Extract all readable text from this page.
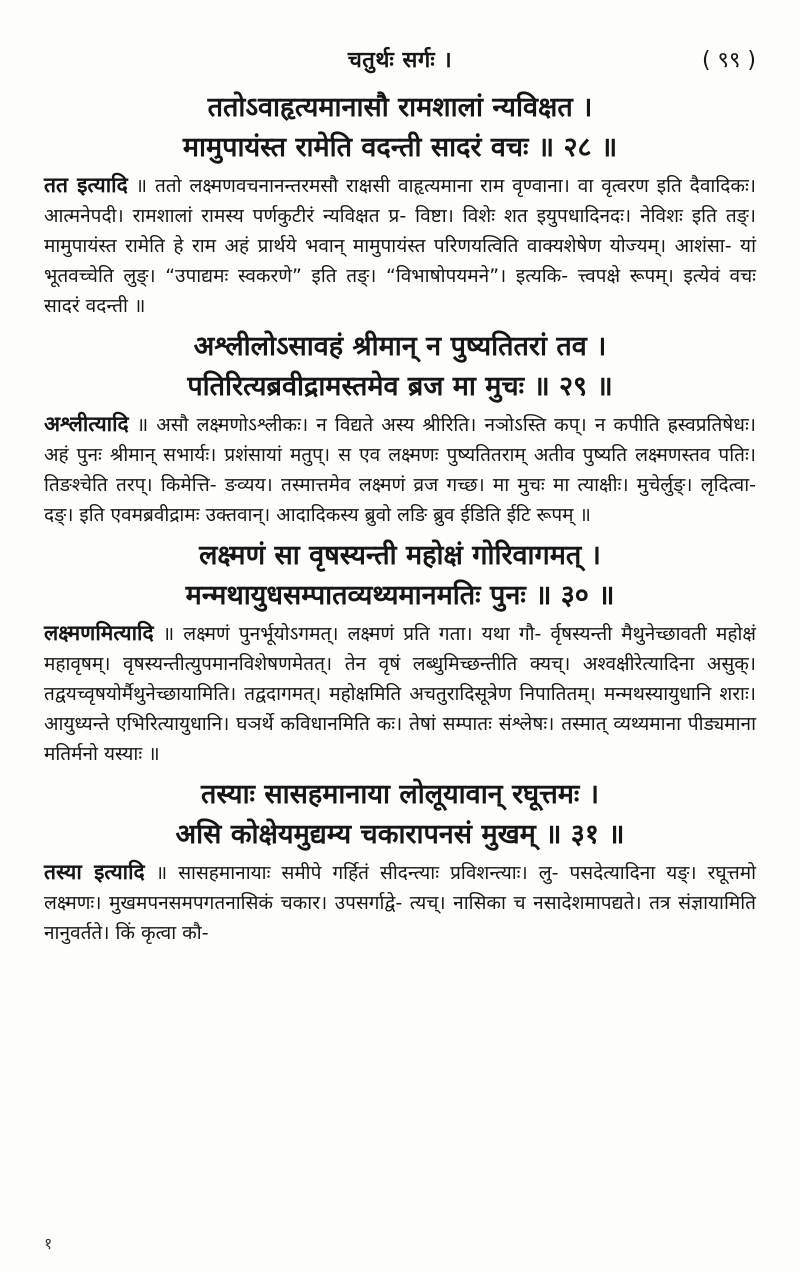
चतुर्थः सर्गः ।	( ९९ )
ततोऽवाहृत्यमानासौ रामशालां न्यविक्षत ।
मामुपायंस्त रामेति वदन्ती सादरं वचः ॥ २८ ॥

तत इत्यादि ॥ ततो लक्ष्मणवचनानन्तरमसौ राक्षसी वाहृत्यमाना राम वृण्वाना। वा वृत्वरण इति दैवादिकः। आत्मनेपदी। रामशालां रामस्य पर्णकुटीरं न्यविक्षत प्र- विष्टा। विशेः शत इयुपधादिनदः। नेविशः इति तङ्। मामुपायंस्त रामेति हे राम अहं प्रार्थये भवान् मामुपायंस्त परिणयत्विति वाक्यशेषेण योज्यम्। आशंसा- यां भूतवच्चेति लुङ्। “उपाद्यमः स्वकरणे” इति तङ्। “विभाषोपयमने”। इत्यकि- त्त्वपक्षे रूपम्। इत्येवं वचः सादरं वदन्ती ॥

अश्लीलोऽसावहं श्रीमान् न पुष्यतितरां तव ।
पतिरित्यब्रवीद्रामस्तमेव ब्रज मा मुचः ॥ २९ ॥

अश्लीत्यादि ॥ असौ लक्ष्मणोऽश्लीकः। न विद्यते अस्य श्रीरिति। नञोऽस्ति कप्। न कपीति ह्रस्वप्रतिषेधः। अहं पुनः श्रीमान् सभार्यः। प्रशंसायां मतुप्। स एव लक्ष्मणः पुष्यतितराम् अतीव पुष्यति लक्ष्मणस्तव पतिः। तिङश्चेति तरप्। किमेत्ति- ङव्यय। तस्मात्तमेव लक्ष्मणं व्रज गच्छ। मा मुचः मा त्याक्षीः। मुचेर्लुङ्। लृदित्वा- दङ्। इति एवमब्रवीद्रामः उक्तवान्। आदादिकस्य ब्रुवो लङि ब्रुव ईडिति ईटि रूपम् ॥

लक्ष्मणं सा वृषस्यन्ती महोक्षं गोरिवागमत् ।
मन्मथायुधसम्पातव्यथ्यमानमतिः पुनः ॥ ३० ॥

लक्ष्मणमित्यादि ॥ लक्ष्मणं पुनर्भूयोऽगमत्। लक्ष्मणं प्रति गता। यथा गौ- र्वृषस्यन्ती मैथुनेच्छावती महोक्षं महावृषम्। वृषस्यन्तीत्युपमानविशेषणमेतत्। तेन वृषं लब्धुमिच्छन्तीति क्यच्। अश्वक्षीरेत्यादिना असुक्। तद्वयच्वृषयोर्मैथुनेच्छायामिति। तद्वदागमत्। महोक्षमिति अचतुरादिसूत्रेण निपातितम्। मन्मथस्यायुधानि शराः। आयुध्यन्ते एभिरित्यायुधानि। घञर्थे कविधानमिति कः। तेषां सम्पातः संश्लेषः। तस्मात् व्यथ्यमाना पीड्यमाना मतिर्मनो यस्याः ॥

तस्याः सासहमानाया लोलूयावान् रघूत्तमः ।
असि कोक्षेयमुद्यम्य चकारापनसं मुखम् ॥ ३१ ॥

तस्या इत्यादि ॥ सासहमानायाः समीपे गर्हितं सीदन्त्याः प्रविशन्त्याः। लु- पसदेत्यादिना यङ्। रघूत्तमो लक्ष्मणः। मुखमपनसमपगतनासिकं चकार। उपसर्गाद्वे- त्यच्। नासिका च नसादेशमापद्यते। तत्र संज्ञायामिति नानुवर्तते। किं कृत्वा कौ-

१
